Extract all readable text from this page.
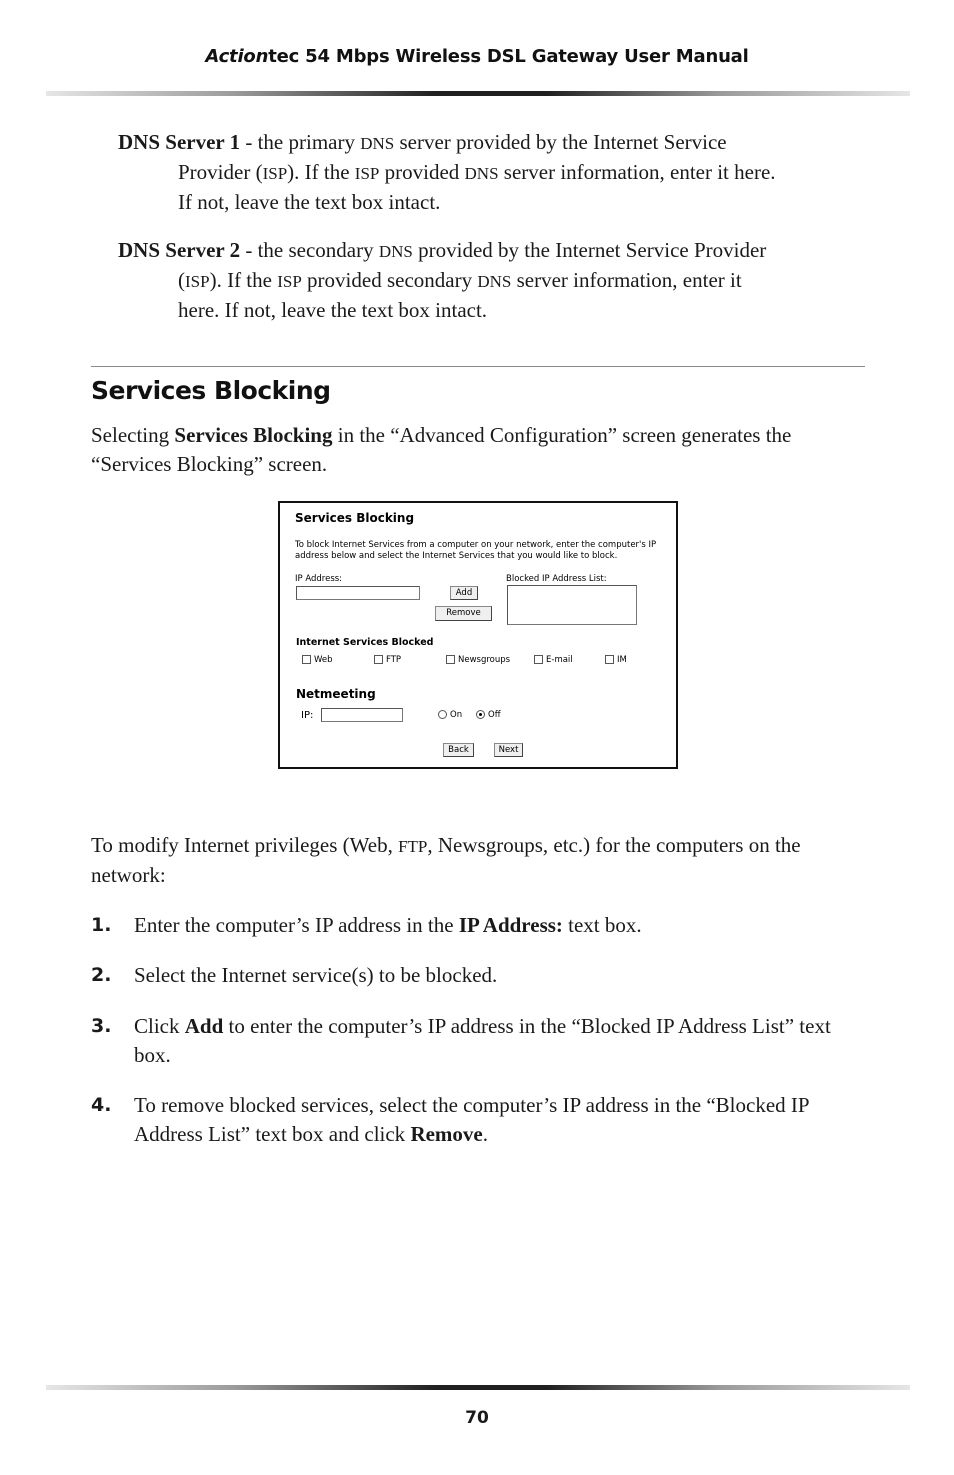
Actiontec 54 Mbps Wireless DSL Gateway User Manual

DNS Server 1 - the primary DNS server provided by the Internet Service Provider (ISP). If the ISP provided DNS server information, enter it here. If not, leave the text box intact.

DNS Server 2 - the secondary DNS provided by the Internet Service Provider (ISP). If the ISP provided secondary DNS server information, enter it here. If not, leave the text box intact.

Services Blocking

Selecting Services Blocking in the “Advanced Configuration” screen generates the “Services Blocking” screen.

Services Blocking
To block Internet Services from a computer on your network, enter the computer's IP address below and select the Internet Services that you would like to block.
IP Address:	Blocked IP Address List:
Add
Remove
Internet Services Blocked
Web	FTP	Newsgroups	E-mail	IM
Netmeeting
IP:	On	Off
Back	Next

To modify Internet privileges (Web, FTP, Newsgroups, etc.) for the computers on the network:

1. Enter the computer’s IP address in the IP Address: text box.
2. Select the Internet service(s) to be blocked.
3. Click Add to enter the computer’s IP address in the “Blocked IP Address List” text box.
4. To remove blocked services, select the computer’s IP address in the “Blocked IP Address List” text box and click Remove.
70
